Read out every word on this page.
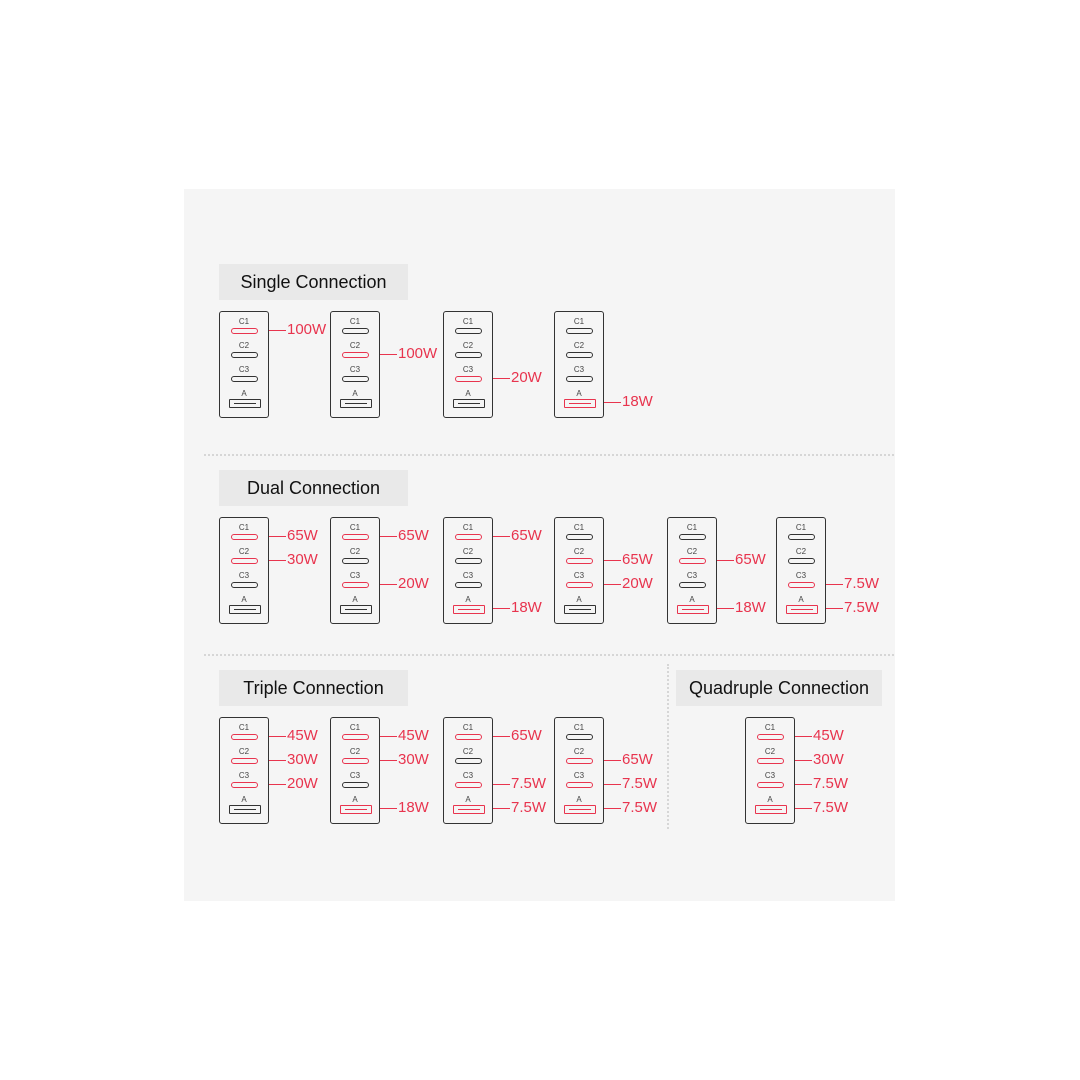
Single Connection
Dual Connection
Triple Connection	Quadruple Connection
100W
C1
C2
C3
A
100W
C1
C2
C3
A
20W
C1
C2
C3
A	18W
C1
C2
C3
A
65W
30W
C1
C2
C3
A
65W
20W
C1
C2
C3
A
65W
18W
C1
C2
C3
A
65W
20W
C1
C2
C3
A
65W
18W
C1
C2
C3
A
7.5W
7.5W
C1
C2
C3
A
45W
30W
20W
C1
C2
C3
A
45W
30W
18W
C1
C2
C3
A
65W
7.5W
7.5W
C1
C2
C3
A
65W
7.5W
7.5W
C1
C2
C3
A
45W
30W
7.5W
7.5W
C1
C2
C3
A
